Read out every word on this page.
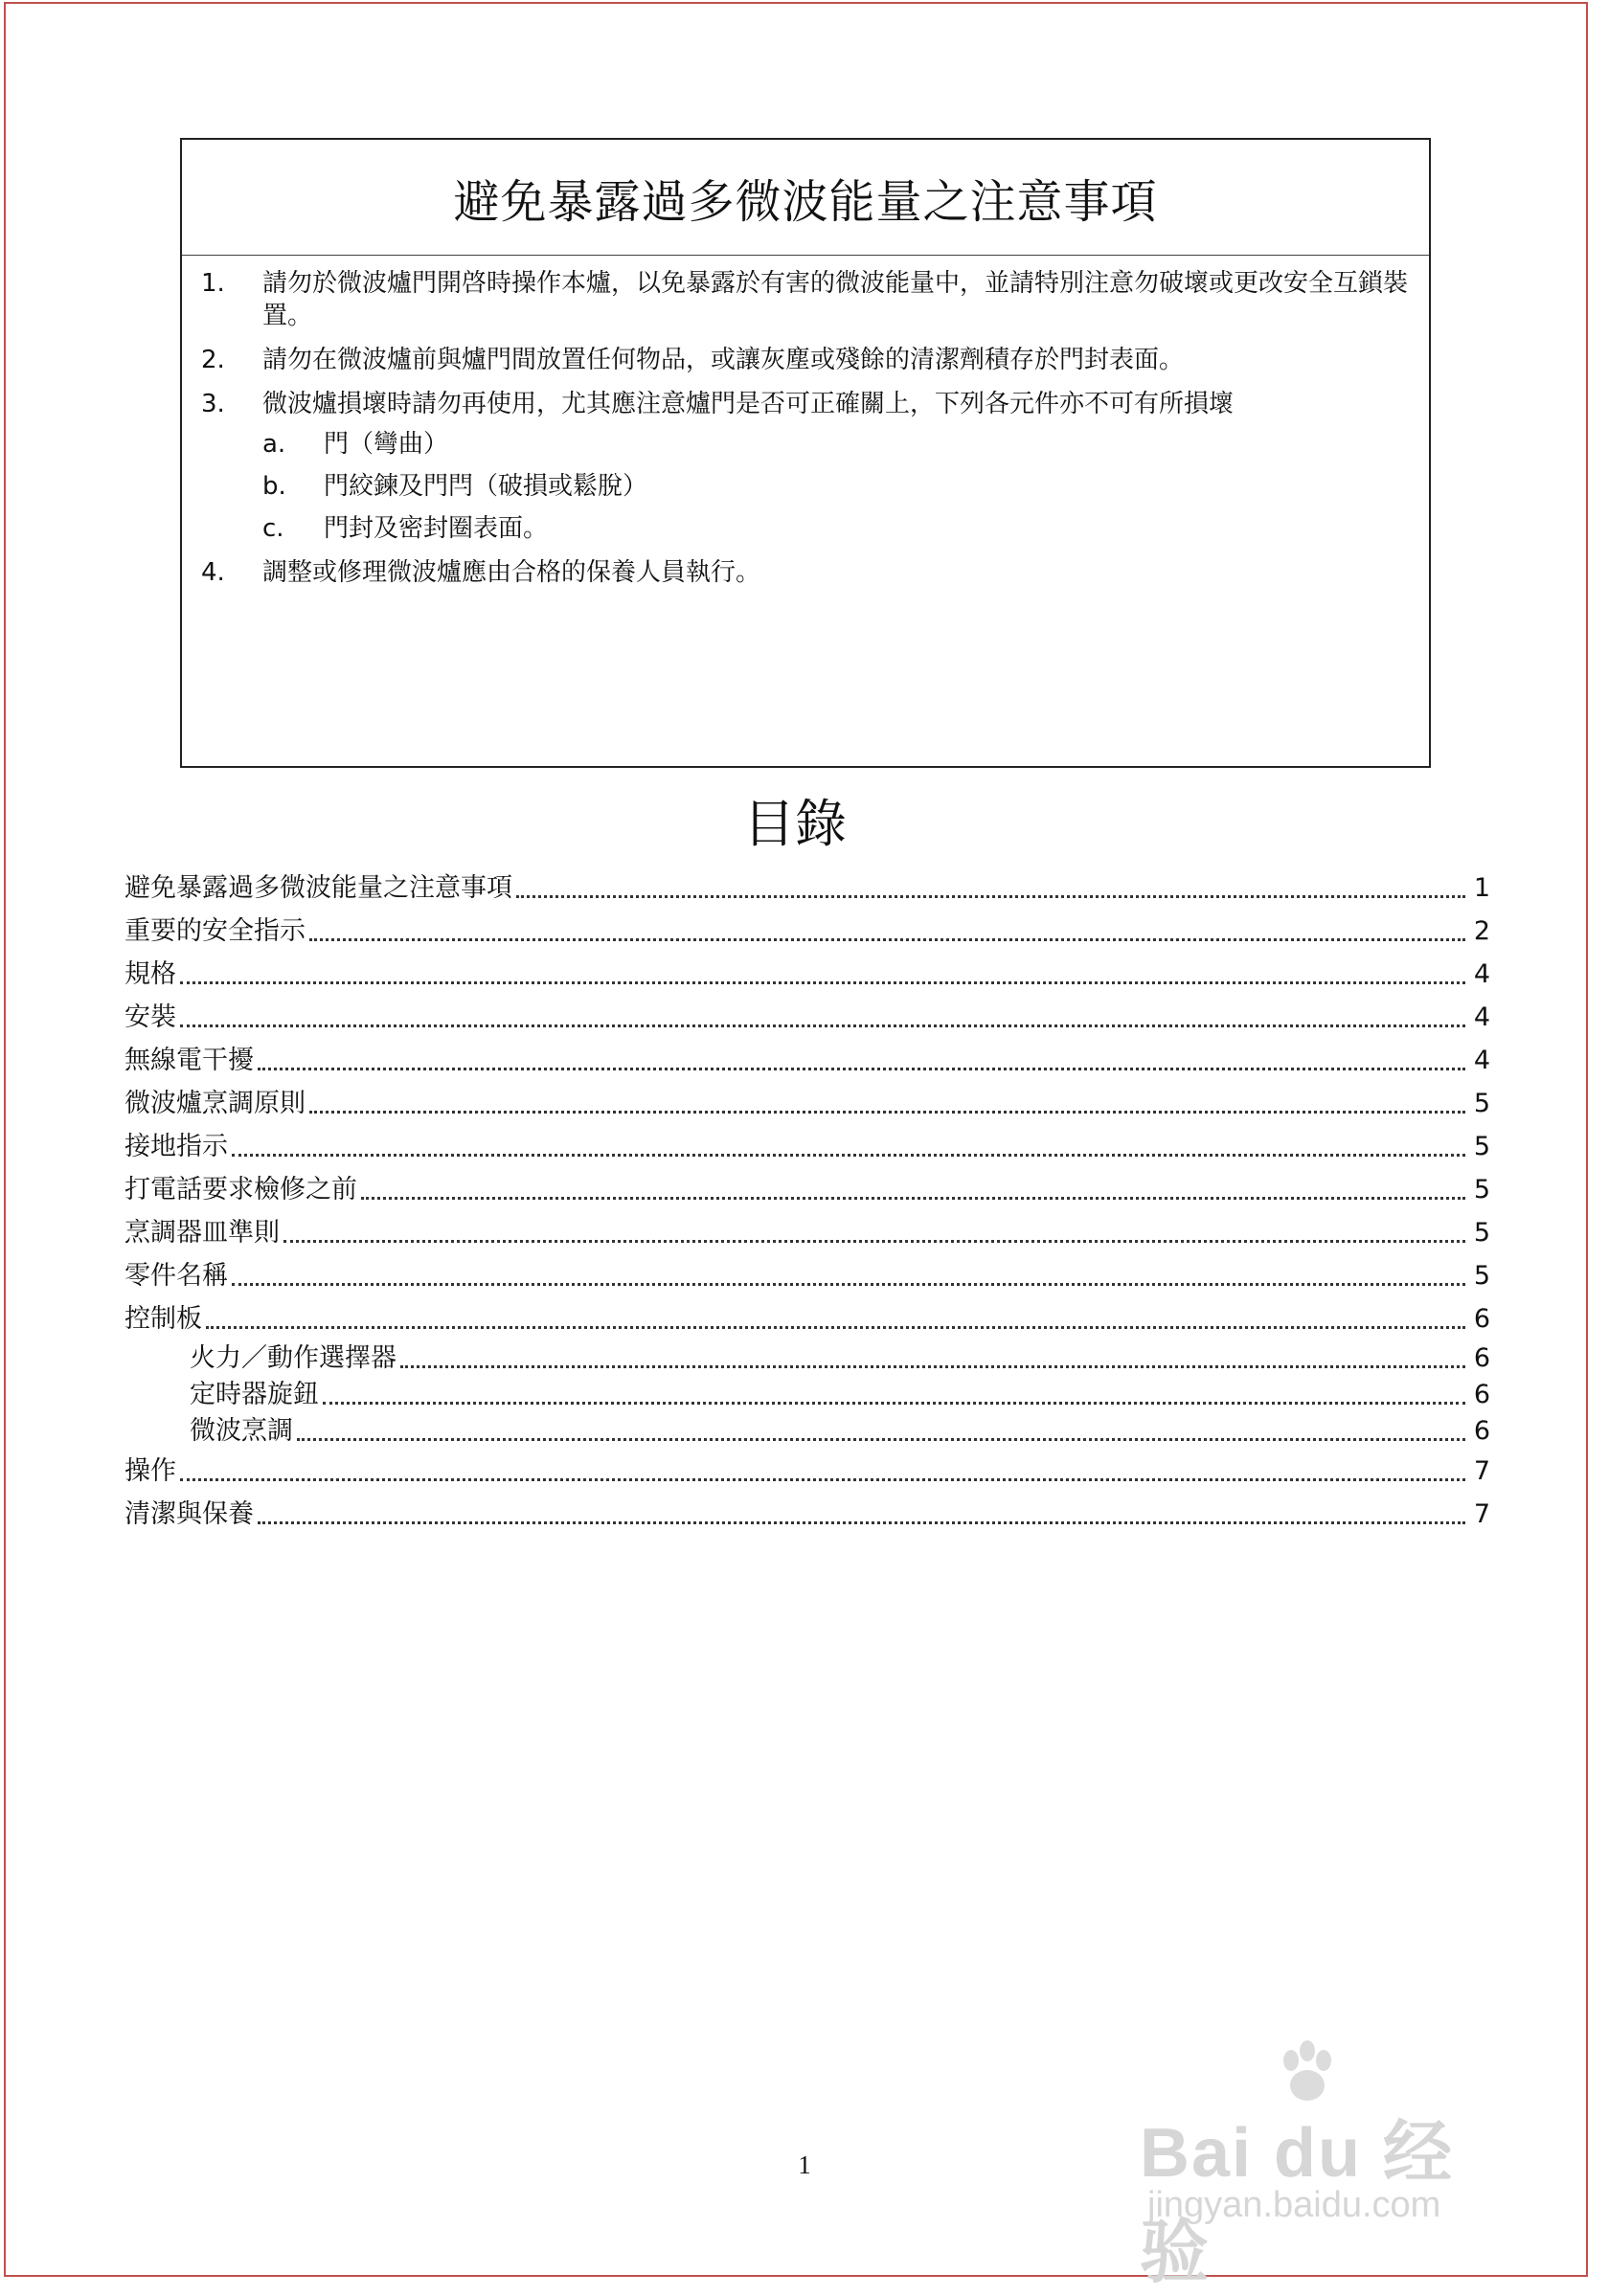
避免暴露過多微波能量之注意事項
1. 請勿於微波爐門開啓時操作本爐，以免暴露於有害的微波能量中，並請特別注意勿破壞或更改安全互鎖裝置。
2. 請勿在微波爐前與爐門間放置任何物品，或讓灰塵或殘餘的清潔劑積存於門封表面。
3. 微波爐損壞時請勿再使用，尤其應注意爐門是否可正確關上，下列各元件亦不可有所損壞
a. 門（彎曲）
b. 門絞鍊及門閂（破損或鬆脫）
c. 門封及密封圈表面。
4. 調整或修理微波爐應由合格的保養人員執行。
目錄
避免暴露過多微波能量之注意事項	1
重要的安全指示	2
規格	4
安裝	4
無線電干擾	4
微波爐烹調原則	5
接地指示	5
打電話要求檢修之前	5
烹調器皿準則	5
零件名稱	5
控制板	6
火力／動作選擇器	6
定時器旋鈕	6
微波烹調	6
操作	7
清潔與保養	7
1	Bai du 经验
jingyan.baidu.com
